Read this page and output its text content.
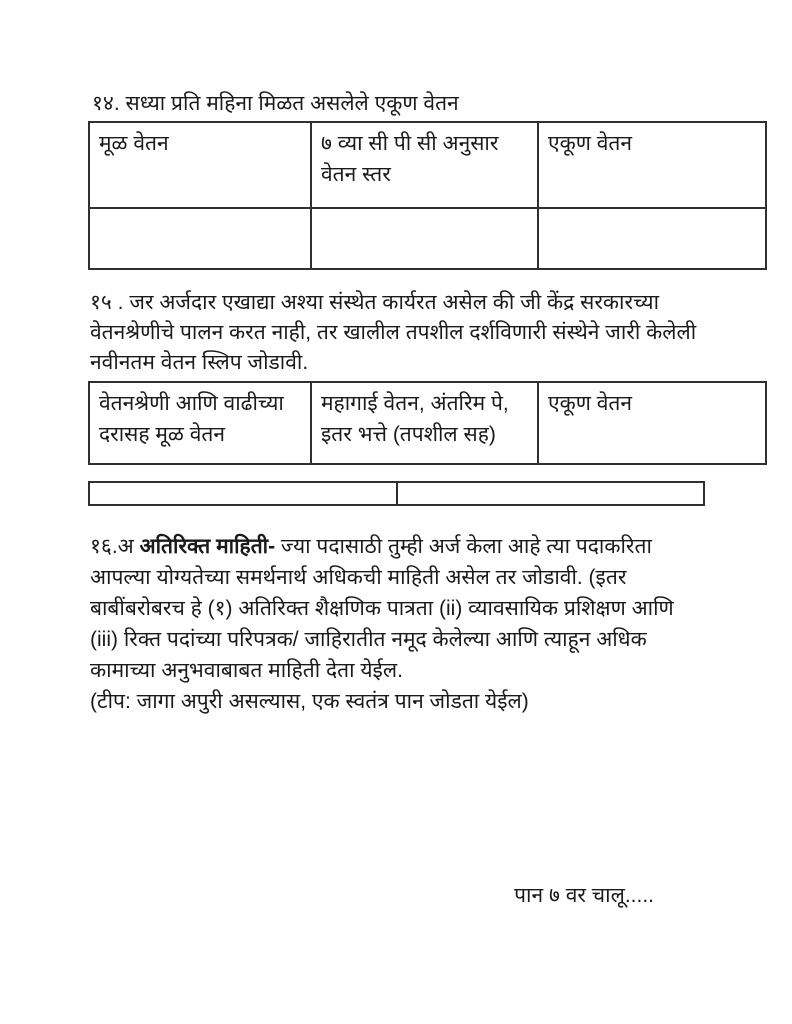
१४. सध्या प्रति महिना मिळत असलेले एकूण वेतन
मूळ वेतन	७ व्या सी पी सी अनुसार वेतन स्तर	एकूण वेतन

१५ . जर अर्जदार एखाद्या अश्या संस्थेत कार्यरत असेल की जी केंद्र सरकारच्या वेतनश्रेणीचे पालन करत नाही, तर खालील तपशील दर्शविणारी संस्थेने जारी केलेली नवीनतम वेतन स्लिप जोडावी.
वेतनश्रेणी आणि वाढीच्या दरासह मूळ वेतन	महागाई वेतन, अंतरिम पे, इतर भत्ते (तपशील सह)	एकूण वेतन

१६.अ अतिरिक्त माहिती- ज्या पदासाठी तुम्ही अर्ज केला आहे त्या पदाकरिता आपल्या योग्यतेच्या समर्थनार्थ अधिकची माहिती असेल तर जोडावी. (इतर बाबींबरोबरच हे (१) अतिरिक्त शैक्षणिक पात्रता (ii) व्यावसायिक प्रशिक्षण आणि (iii) रिक्त पदांच्या परिपत्रक/ जाहिरातीत नमूद केलेल्या आणि त्याहून अधिक कामाच्या अनुभवाबाबत माहिती देता येईल.
(टीप: जागा अपुरी असल्यास, एक स्वतंत्र पान जोडता येईल)
पान ७ वर चालू.....
